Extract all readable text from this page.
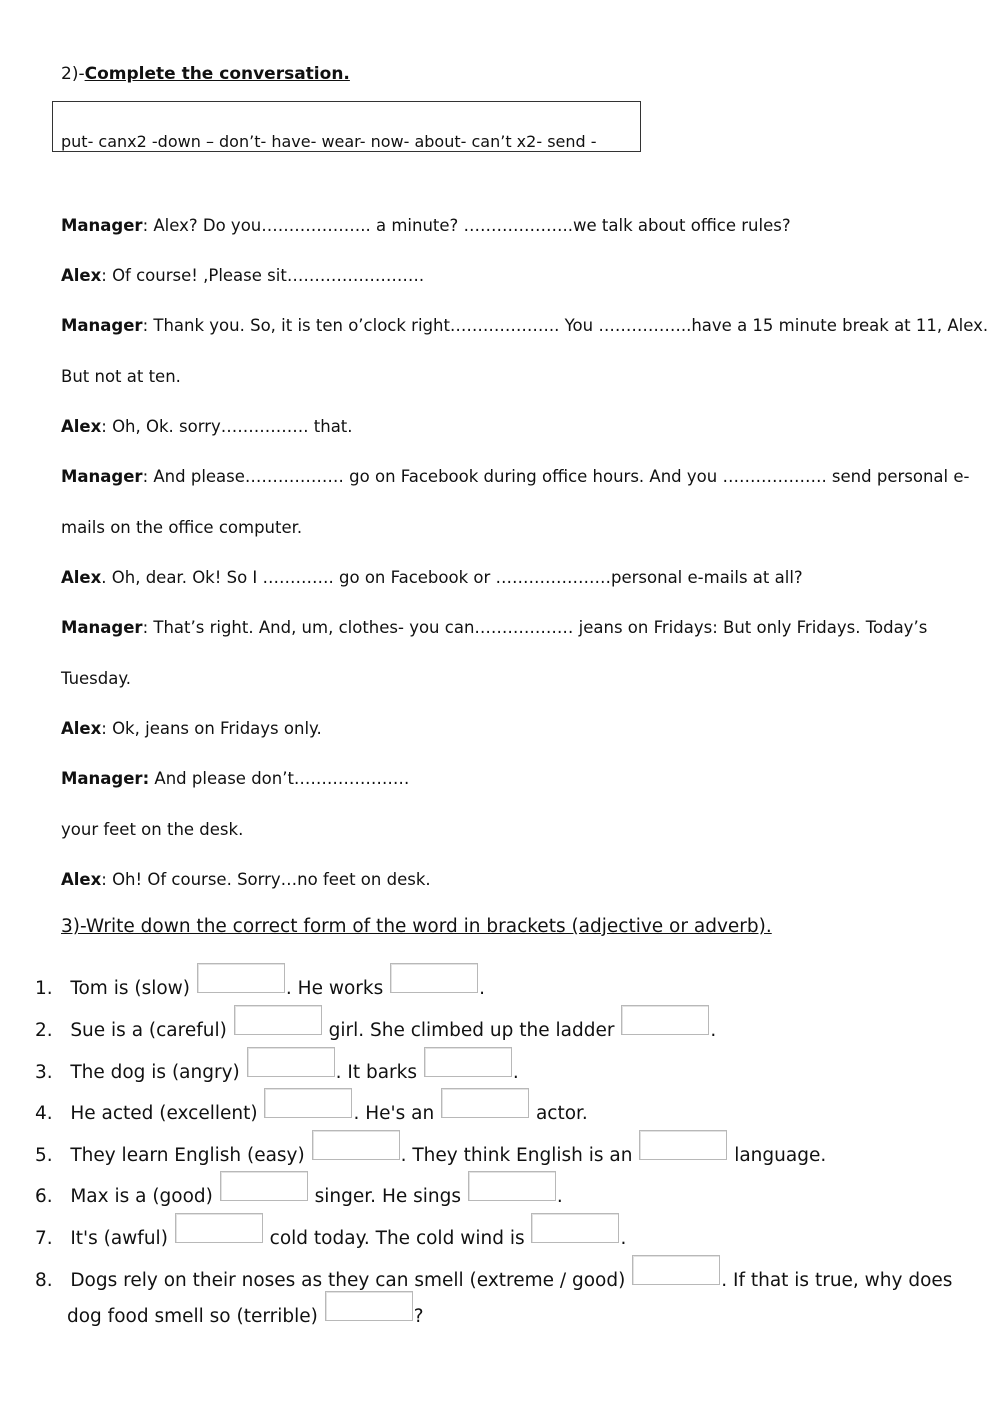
2)-Complete the conversation.
put- canx2 -down – don’t- have- wear- now- about- can’t x2- send -
Manager: Alex? Do you……………….. a minute? ………………..we talk about office rules?
Alex: Of course! ,Please sit…………………….
Manager: Thank you. So, it is ten o’clock right……………….. You ……………..have a 15 minute break at 11, Alex.
But not at ten.
Alex: Oh, Ok. sorry……………. that.
Manager: And please……………… go on Facebook during office hours. And you ………………. send personal e-
mails on the office computer.
Alex. Oh, dear. Ok! So I …………. go on Facebook or …………………personal e-mails at all?
Manager: That’s right. And, um, clothes- you can……………… jeans on Fridays: But only Fridays. Today’s
Tuesday.
Alex: Ok, jeans on Fridays only.
Manager: And please don’t…………………
your feet on the desk.
Alex: Oh! Of course. Sorry…no feet on desk.
3)-Write down the correct form of the word in brackets (adjective or adverb).
1. Tom is (slow)	. He works	.
2. Sue is a (careful)	girl. She climbed up the ladder	.
3. The dog is (angry)	. It barks	.
4. He acted (excellent)	. He's an	actor.
5. They learn English (easy)	. They think English is an	language.
6. Max is a (good)	singer. He sings	.
7. It's (awful)	cold today. The cold wind is	.
8. Dogs rely on their noses as they can smell (extreme / good)	. If that is true, why does
dog food smell so (terrible)	?
